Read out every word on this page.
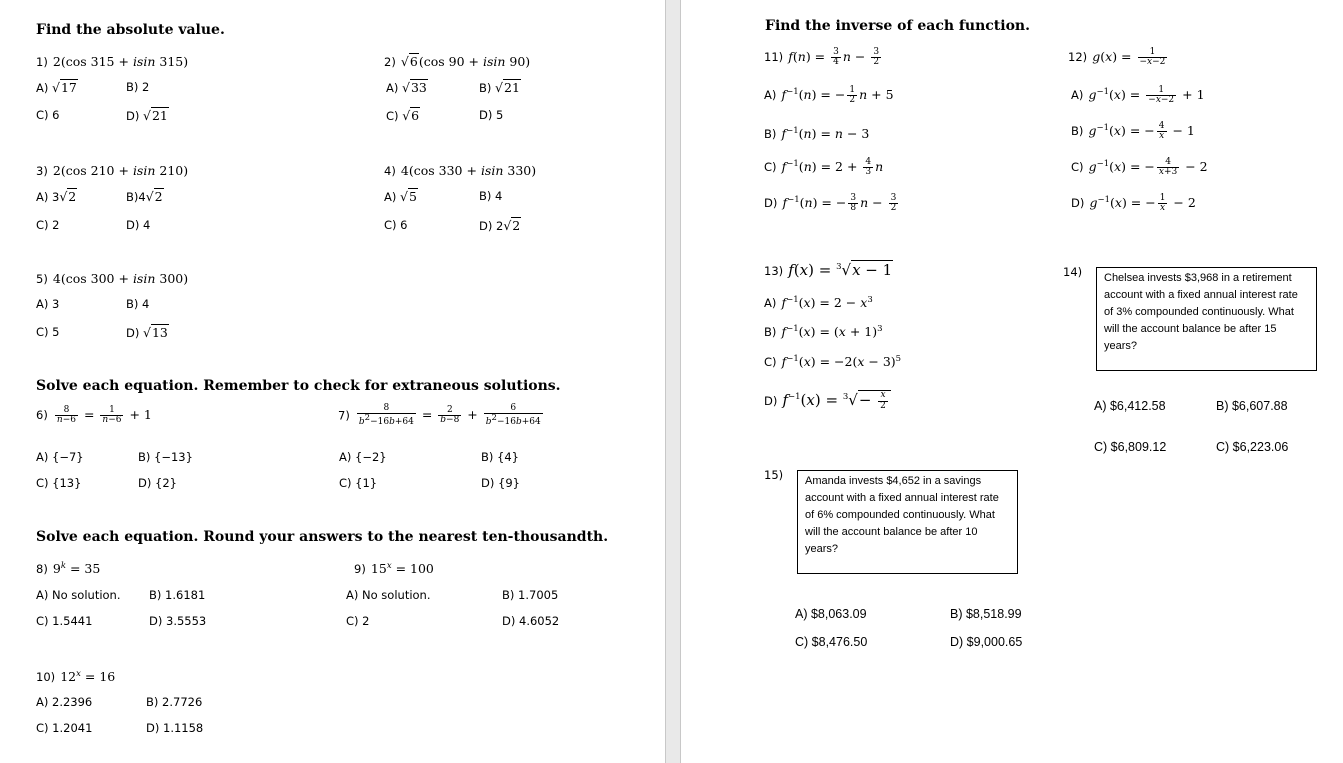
Find the absolute value.
1) 2(cos 315 + isin 315)
A) √17	B) 2
C) 6	D) √21
2) √6(cos 90 + isin 90)
A) √33	B) √21
C) √6	D) 5
3) 2(cos 210 + isin 210)
A) 3√2	B)4√2
C) 2	D) 4
4) 4(cos 330 + isin 330)
A) √5	B) 4
C) 6	D) 2√2
5) 4(cos 300 + isin 300)
A) 3	B) 4
C) 5	D) √13
Solve each equation. Remember to check for extraneous solutions.
$6) \frac{8}{n-6} = \frac{1}{n-6} + 1$
A) {−7}	B) {−13}
C) {13}	D) {2}
$7) \frac{8}{b2-16b+64} = \frac{2}{b-8} + \frac{6}{b2-16b+64}$
A) {−2}	B) {4}
C) {1}	D) {9}
Solve each equation. Round your answers to the nearest ten-thousandth.
8) $9^k = 35$
A) No solution. B) 1.6181
C) 1.5441	D) 3.5553
9) $15^x = 100$
A) No solution.	B) 1.7005
C) 2	D) 4.6052
10) $12^x = 16$
A) 2.2396	B) 2.7726
C) 1.2041	D) 1.1158
Find the inverse of each function.
11) $f(n) = \frac{3}{4}$ $n - \frac{3}{2}$
A) $f^{-1}(n)$ = − $\frac{1}{2}$ n + 5
B) $f^{-1}(n) = n - 3$
C) $f^{-1}(n) = 2 + \frac{4}{3}$ n
D) $f^{-1}(n)$ = − $\frac{3}{8}$ $n - \frac{3}{2}$
12) $g(x) = \frac{1}{-x-2}$
A) $g^{-1}(x) = \frac{1}{-x-2} + 1$
B) $g^{-1}(x)$ = − $\frac{4}{x} - 1$
C) $g^{-1}(x)$ = − $\frac{4}{x+3} - 2$
D) $g^{-1}(x)$ = − $\frac{1}{x} - 2$
13) f(x) = $^3$√x − 1
A) $f^{-1}(x) = 2 - x^3$
B) $f^{-1}(x) = (x + 1)^3$
C) $f^{-1}(x) = -2(x - 3)^5$
D) $f^{-1}(x) = ^3√- \frac{x}{2}$
14)	Chelsea invests $3,968 in a retirement account with a fixed annual interest rate of 3% compounded continuously. What will the account balance be after 15 years?
A) $6,412.58	B) $6,607.88
C) $6,809.12	C) $6,223.06
15)	Amanda invests $4,652 in a savings account with a fixed annual interest rate of 6% compounded continuously. What will the account balance be after 10 years?
A) $8,063.09	B) $8,518.99
C) $8,476.50	D) $9,000.65
